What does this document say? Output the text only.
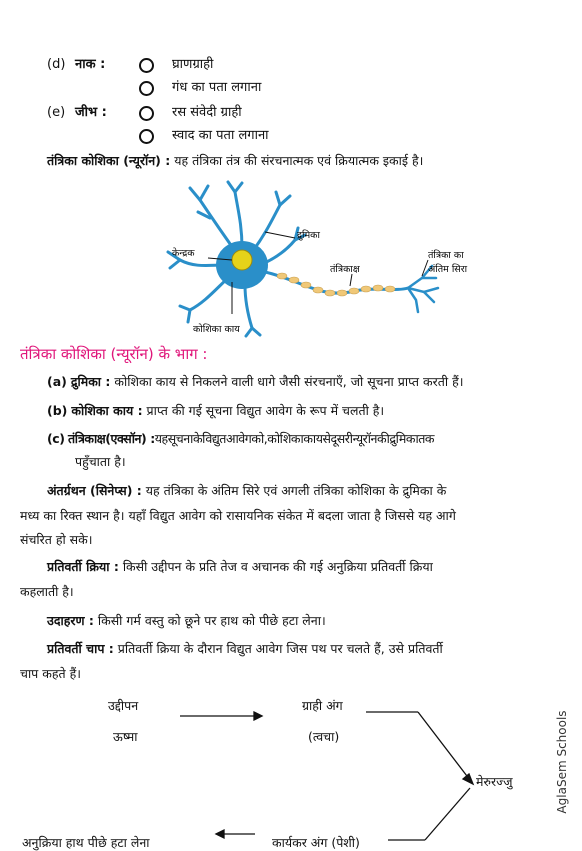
(d) नाक :	घ्राणग्राही
गंध का पता लगाना
(e) जीभ :	रस संवेदी ग्राही
स्वाद का पता लगाना
तंत्रिका कोशिका (न्यूरॉन) : यह तंत्रिका तंत्र की संरचनात्मक एवं क्रियात्मक इकाई है।
केन्द्रक
द्रुमिका
तंत्रिकाक्ष
तंत्रिका का
अंतिम सिरा
कोशिका काय
तंत्रिका कोशिका (न्यूरॉन) के भाग :
(a) द्रुमिका : कोशिका काय से निकलने वाली धागे जैसी संरचनाएँ, जो सूचना प्राप्त करती हैं।
(b) कोशिका काय : प्राप्त की गई सूचना विद्युत आवेग के रूप में चलती है।
(c) तंत्रिकाक्ष(एक्सॉन) :यहसूचनाकेविद्युतआवेगको,कोशिकाकायसेदूसरीन्यूरॉनकीद्रुमिकातक
पहुँचाता है।
अंतर्ग्रथन (सिनेप्स) : यह तंत्रिका के अंतिम सिरे एवं अगली तंत्रिका कोशिका के द्रुमिका के
मध्य का रिक्त स्थान है। यहाँ विद्युत आवेग को रासायनिक संकेत में बदला जाता है जिससे यह आगे
संचरित हो सके।
प्रतिवर्ती क्रिया : किसी उद्दीपन के प्रति तेज व अचानक की गई अनुक्रिया प्रतिवर्ती क्रिया
कहलाती है।
उदाहरण : किसी गर्म वस्तु को छूने पर हाथ को पीछे हटा लेना।
प्रतिवर्ती चाप : प्रतिवर्ती क्रिया के दौरान विद्युत आवेग जिस पथ पर चलते हैं, उसे प्रतिवर्ती
चाप कहते हैं।
उद्दीपन
ऊष्मा
ग्राही अंग
(त्वचा)
मेरुरज्जु
अनुक्रिया हाथ पीछे हटा लेना	कार्यकर अंग (पेशी)
AglaSem Schools
